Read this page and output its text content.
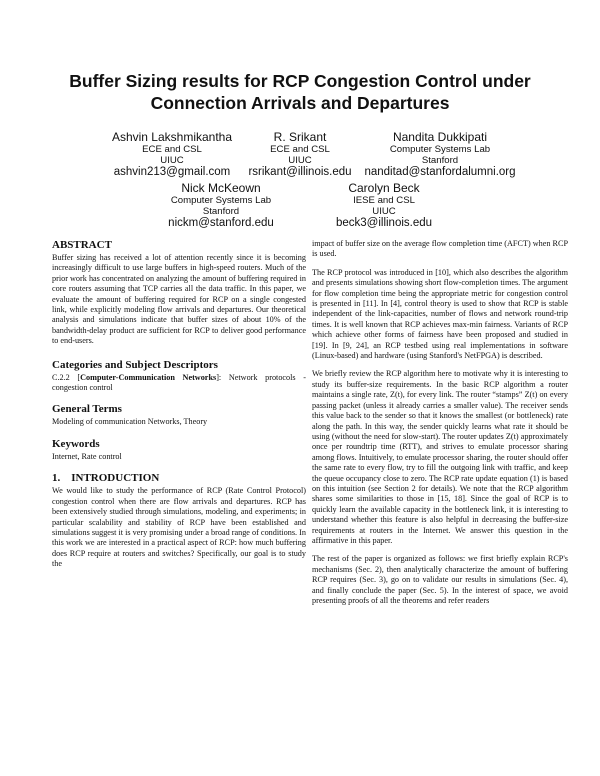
Buffer Sizing results for RCP Congestion Control under Connection Arrivals and Departures
Ashvin Lakshmikantha
ECE and CSL
UIUC
ashvin213@gmail.com
R. Srikant
ECE and CSL
UIUC
rsrikant@illinois.edu
Nandita Dukkipati
Computer Systems Lab
Stanford
nanditad@stanfordalumni.org
Nick McKeown
Computer Systems Lab
Stanford
nickm@stanford.edu
Carolyn Beck
IESE and CSL
UIUC
beck3@illinois.edu
ABSTRACT

Buffer sizing has received a lot of attention recently since it is becoming increasingly difficult to use large buffers in high-speed routers. Much of the prior work has concentrated on analyzing the amount of buffering required in core routers assuming that TCP carries all the data traffic. In this paper, we evaluate the amount of buffering required for RCP on a single congested link, while explicitly modeling flow arrivals and departures. Our theoretical analysis and simulations indicate that buffer sizes of about 10% of the bandwidth-delay product are sufficient for RCP to deliver good performance to end-users.

Categories and Subject Descriptors

C.2.2 [Computer-Communication Networks]: Network protocols - congestion control

General Terms

Modeling of communication Networks, Theory

Keywords

Internet, Rate control

1.    INTRODUCTION

We would like to study the performance of RCP (Rate Control Protocol) congestion control when there are flow arrivals and departures. RCP has been extensively studied through simulations, modeling, and experiments; in particular scalability and stability of RCP have been established and simulations suggest it is very promising under a broad range of conditions. In this work we are interested in a practical aspect of RCP: how much buffering does RCP require at routers and switches? Specifically, our goal is to study the

impact of buffer size on the average flow completion time (AFCT) when RCP is used.

The RCP protocol was introduced in [10], which also describes the algorithm and presents simulations showing short flow-completion times. The argument for flow completion time being the appropriate metric for congestion control is presented in [11]. In [4], control theory is used to show that RCP is stable independent of the link-capacities, number of flows and network round-trip times. It is well known that RCP achieves max-min fairness. Variants of RCP which achieve other forms of fairness have been proposed and studied in [19]. In [9, 24], an RCP testbed using real implementations in software (Linux-based) and hardware (using Stanford's NetFPGA) is described.

We briefly review the RCP algorithm here to motivate why it is interesting to study its buffer-size requirements. In the basic RCP algorithm a router maintains a single rate, Z(t), for every link. The router “stamps” Z(t) on every passing packet (unless it already carries a smaller value). The receiver sends this value back to the sender so that it knows the smallest (or bottleneck) rate along the path. In this way, the sender quickly learns what rate it should be using (without the need for slow-start). The router updates Z(t) approximately once per roundtrip time (RTT), and strives to emulate processor sharing among flows. Intuitively, to emulate processor sharing, the router should offer the same rate to every flow, try to fill the outgoing link with traffic, and keep the queue occupancy close to zero. The RCP rate update equation (1) is based on this intuition (see Section 2 for details). We note that the RCP algorithm shares some similarities to those in [15, 18]. Since the goal of RCP is to quickly learn the available capacity in the bottleneck link, it is interesting to understand whether this feature is also helpful in decreasing the buffer-size requirements at routers in the Internet. We answer this question in the affirmative in this paper.

The rest of the paper is organized as follows: we first briefly explain RCP's mechanisms (Sec. 2), then analytically characterize the amount of buffering RCP requires (Sec. 3), go on to validate our results in simulations (Sec. 4), and finally conclude the paper (Sec. 5). In the interest of space, we avoid presenting proofs of all the theorems and refer readers
